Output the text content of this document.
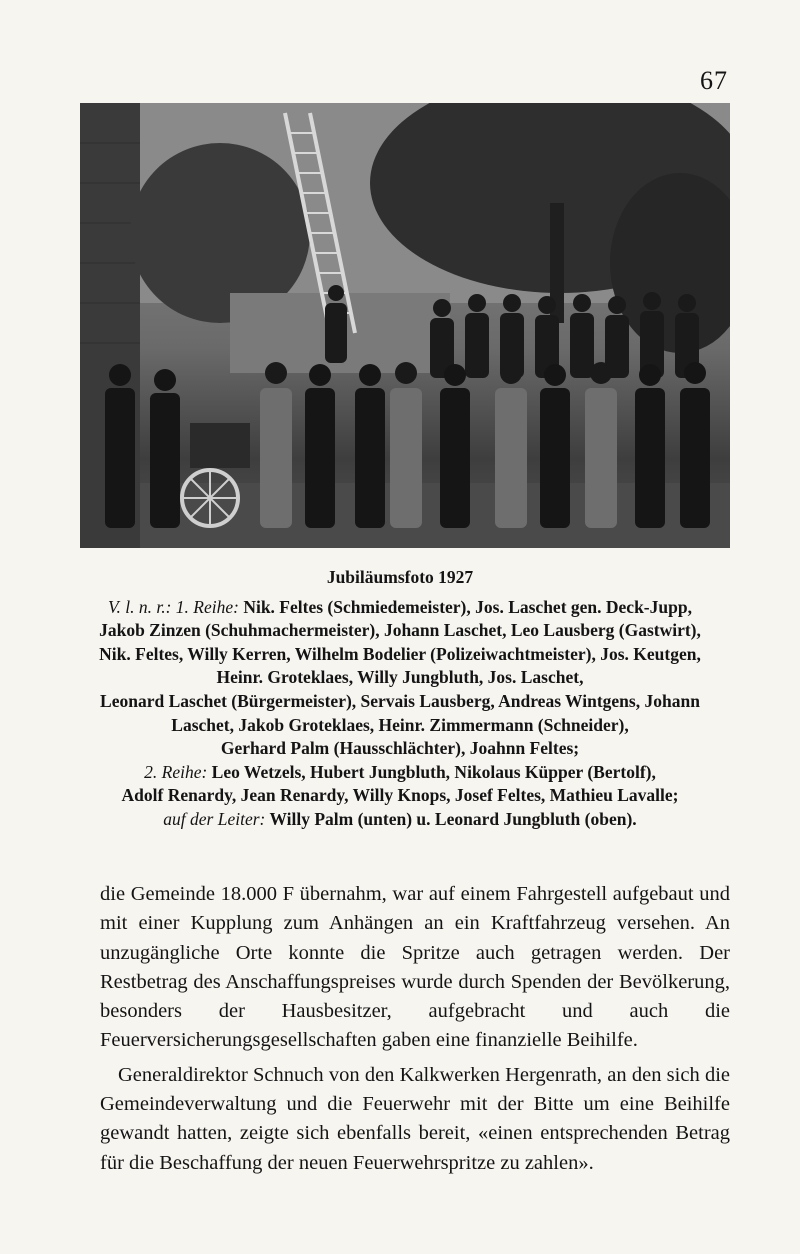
67
Jubiläumsfoto 1927
V. l. n. r.: 1. Reihe: Nik. Feltes (Schmiedemeister), Jos. Laschet gen. Deck-Jupp,
Jakob Zinzen (Schuhmachermeister), Johann Laschet, Leo Lausberg (Gastwirt),
Nik. Feltes, Willy Kerren, Wilhelm Bodelier (Polizeiwachtmeister), Jos. Keutgen,
Heinr. Groteklaes, Willy Jungbluth, Jos. Laschet,
Leonard Laschet (Bürgermeister), Servais Lausberg, Andreas Wintgens, Johann
Laschet, Jakob Groteklaes, Heinr. Zimmermann (Schneider),
Gerhard Palm (Hausschlächter), Joahnn Feltes;
2. Reihe: Leo Wetzels, Hubert Jungbluth, Nikolaus Küpper (Bertolf),
Adolf Renardy, Jean Renardy, Willy Knops, Josef Feltes, Mathieu Lavalle;
auf der Leiter: Willy Palm (unten) u. Leonard Jungbluth (oben).

die Gemeinde 18.000 F übernahm, war auf einem Fahrgestell aufgebaut und mit einer Kupplung zum Anhängen an ein Kraftfahrzeug versehen. An unzugängliche Orte konnte die Spritze auch getragen werden. Der Restbetrag des Anschaffungspreises wurde durch Spenden der Bevölkerung, besonders der Hausbesitzer, aufgebracht und auch die Feuerversicherungsgesellschaften gaben eine finanzielle Beihilfe.

Generaldirektor Schnuch von den Kalkwerken Hergenrath, an den sich die Gemeindeverwaltung und die Feuerwehr mit der Bitte um eine Beihilfe gewandt hatten, zeigte sich ebenfalls bereit, «einen entsprechenden Betrag für die Beschaffung der neuen Feuerwehrspritze zu zahlen».
